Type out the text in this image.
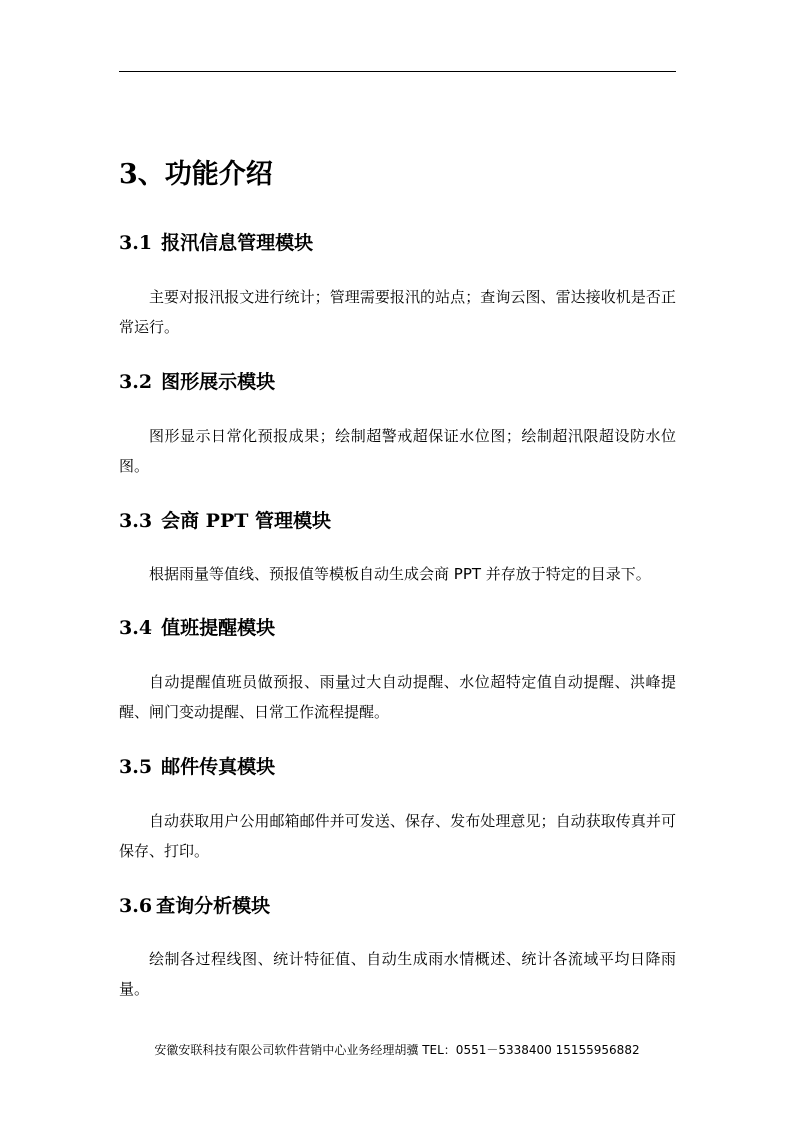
3、功能介绍
3.1 报汛信息管理模块

主要对报汛报文进行统计；管理需要报汛的站点；查询云图、雷达接收机是否正常运行。

3.2 图形展示模块

图形显示日常化预报成果；绘制超警戒超保证水位图；绘制超汛限超设防水位图。

3.3 会商 PPT 管理模块

根据雨量等值线、预报值等模板自动生成会商 PPT 并存放于特定的目录下。

3.4 值班提醒模块

自动提醒值班员做预报、雨量过大自动提醒、水位超特定值自动提醒、洪峰提醒、闸门变动提醒、日常工作流程提醒。

3.5 邮件传真模块

自动获取用户公用邮箱邮件并可发送、保存、发布处理意见；自动获取传真并可保存、打印。

3.6 查询分析模块

绘制各过程线图、统计特征值、自动生成雨水情概述、统计各流域平均日降雨量。

安徽安联科技有限公司软件营销中心业务经理胡骥 TEL：0551－5338400 15155956882
